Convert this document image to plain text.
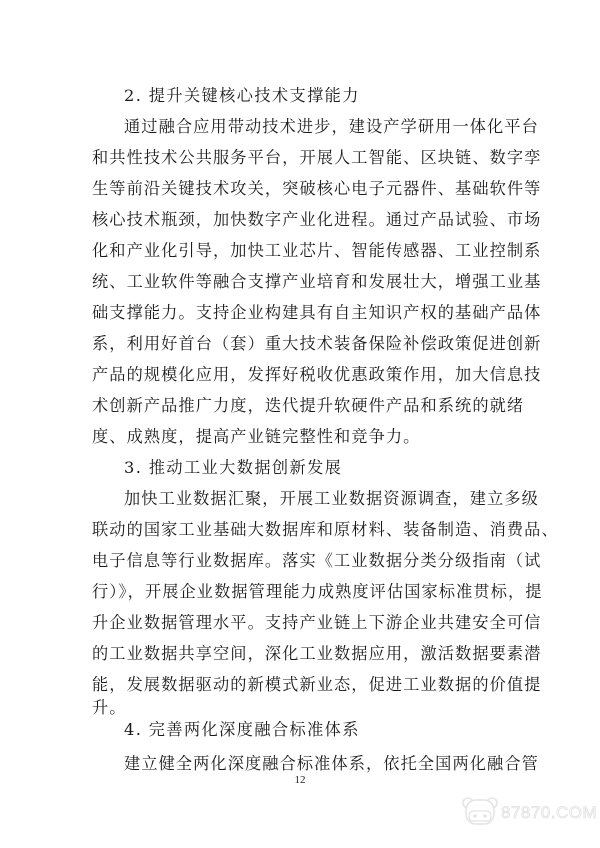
2. 提升关键核心技术支撑能力
通过融合应用带动技术进步，建设产学研用一体化平台
和共性技术公共服务平台，开展人工智能、区块链、数字孪
生等前沿关键技术攻关，突破核心电子元器件、基础软件等
核心技术瓶颈，加快数字产业化进程。通过产品试验、市场
化和产业化引导，加快工业芯片、智能传感器、工业控制系
统、工业软件等融合支撑产业培育和发展壮大，增强工业基
础支撑能力。支持企业构建具有自主知识产权的基础产品体
系，利用好首台（套）重大技术装备保险补偿政策促进创新
产品的规模化应用，发挥好税收优惠政策作用，加大信息技
术创新产品推广力度，迭代提升软硬件产品和系统的就绪
度、成熟度，提高产业链完整性和竞争力。
3. 推动工业大数据创新发展
加快工业数据汇聚，开展工业数据资源调查，建立多级
联动的国家工业基础大数据库和原材料、装备制造、消费品、
电子信息等行业数据库。落实《工业数据分类分级指南（试
行）》，开展企业数据管理能力成熟度评估国家标准贯标，提
升企业数据管理水平。支持产业链上下游企业共建安全可信
的工业数据共享空间，深化工业数据应用，激活数据要素潜
能，发展数据驱动的新模式新业态，促进工业数据的价值提
升。
4. 完善两化深度融合标准体系
建立健全两化深度融合标准体系，依托全国两化融合管
12
87870.COM
